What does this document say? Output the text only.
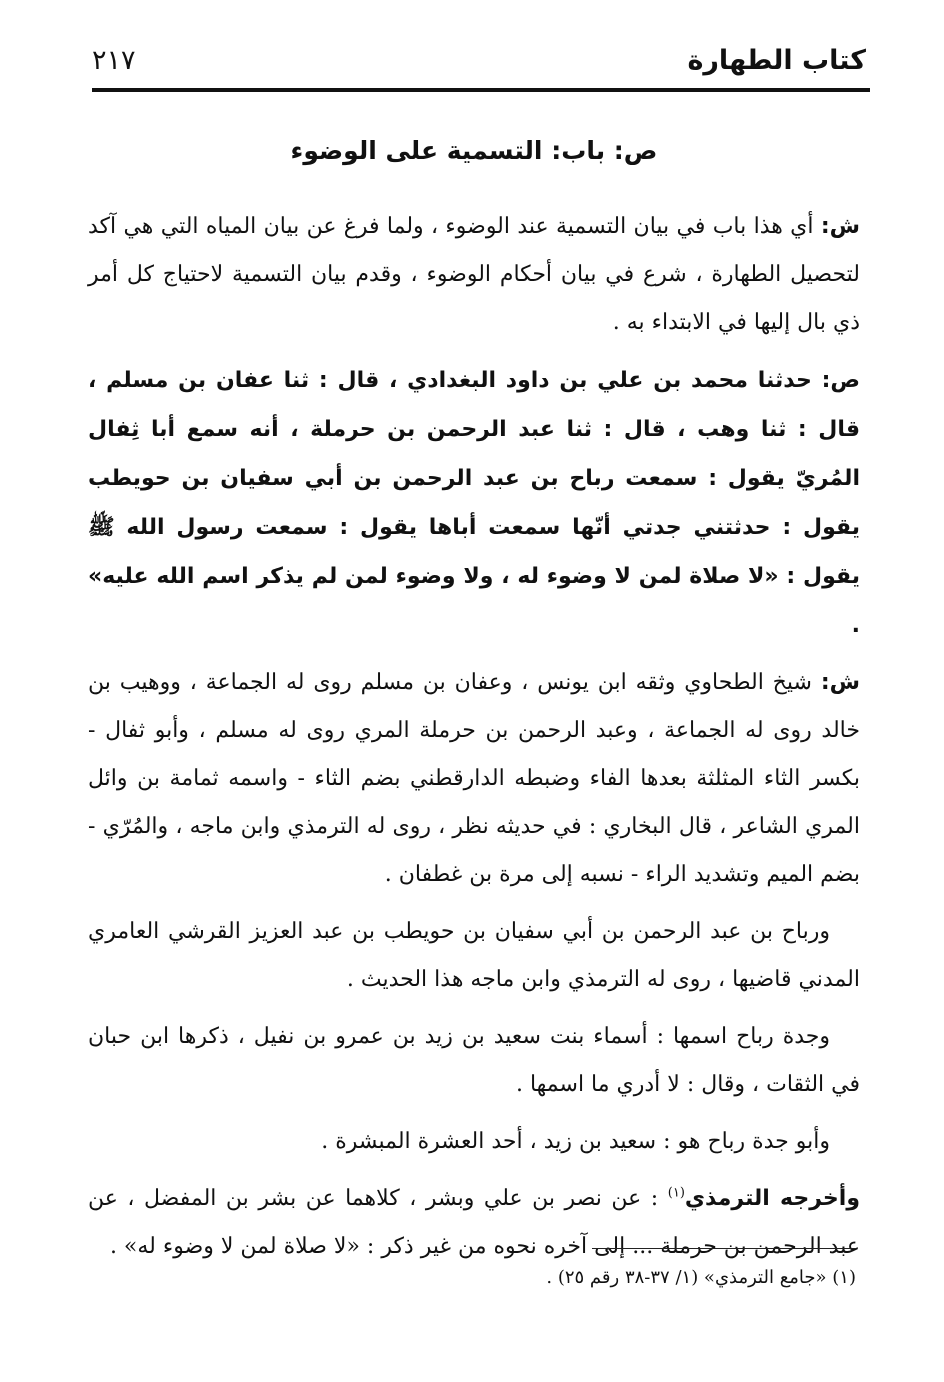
كتاب الطهارة
٢١٧
ص: باب: التسمية على الوضوء

ش: أي هذا باب في بيان التسمية عند الوضوء ، ولما فرغ عن بيان المياه التي هي آكد لتحصيل الطهارة ، شرع في بيان أحكام الوضوء ، وقدم بيان التسمية لاحتياج كل أمر ذي بال إليها في الابتداء به .

ص: حدثنا محمد بن علي بن داود البغدادي ، قال : ثنا عفان بن مسلم ، قال : ثنا وهب ، قال : ثنا عبد الرحمن بن حرملة ، أنه سمع أبا ثِفال المُريّ يقول : سمعت رباح بن عبد الرحمن بن أبي سفيان بن حويطب يقول : حدثتني جدتي أنّها سمعت أباها يقول : سمعت رسول الله ﷺ يقول : «لا صلاة لمن لا وضوء له ، ولا وضوء لمن لم يذكر اسم الله عليه» .

ش: شيخ الطحاوي وثقه ابن يونس ، وعفان بن مسلم روى له الجماعة ، ووهيب بن خالد روى له الجماعة ، وعبد الرحمن بن حرملة المري روى له مسلم ، وأبو ثفال - بكسر الثاء المثلثة بعدها الفاء وضبطه الدارقطني بضم الثاء - واسمه ثمامة بن وائل المري الشاعر ، قال البخاري : في حديثه نظر ، روى له الترمذي وابن ماجه ، والمُرّي - بضم الميم وتشديد الراء - نسبه إلى مرة بن غطفان .

ورباح بن عبد الرحمن بن أبي سفيان بن حويطب بن عبد العزيز القرشي العامري المدني قاضيها ، روى له الترمذي وابن ماجه هذا الحديث .

وجدة رباح اسمها : أسماء بنت سعيد بن زيد بن عمرو بن نفيل ، ذكرها ابن حبان في الثقات ، وقال : لا أدري ما اسمها .

وأبو جدة رباح هو : سعيد بن زيد ، أحد العشرة المبشرة .

وأخرجه الترمذي$^{(١)}$ : عن نصر بن علي وبشر ، كلاهما عن بشر بن المفضل ، عن عبد الرحمن بن حرملة ... إلى آخره نحوه من غير ذكر : «لا صلاة لمن لا وضوء له» .

(١) «جامع الترمذي» (١/ ٣٧-٣٨ رقم ٢٥) .
